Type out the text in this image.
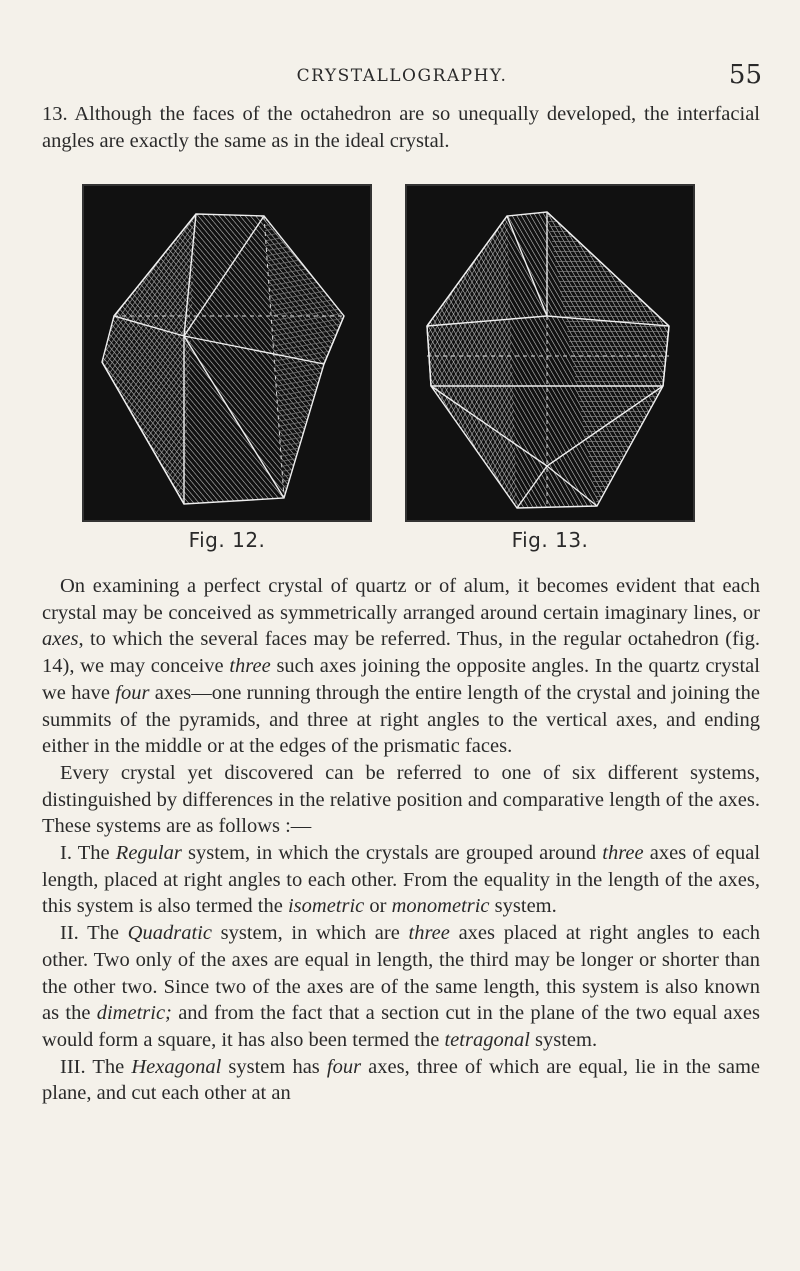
CRYSTALLOGRAPHY.	55

13. Although the faces of the octahedron are so unequally developed, the interfacial angles are exactly the same as in the ideal crystal.

Fig. 12.	Fig. 13.

On examining a perfect crystal of quartz or of alum, it becomes evident that each crystal may be conceived as symmetrically arranged around certain imaginary lines, or axes, to which the several faces may be referred. Thus, in the regular octahedron (fig. 14), we may conceive three such axes joining the opposite angles. In the quartz crystal we have four axes—one running through the entire length of the crystal and joining the summits of the pyramids, and three at right angles to the vertical axes, and ending either in the middle or at the edges of the prismatic faces.

Every crystal yet discovered can be referred to one of six different systems, distinguished by differences in the relative position and comparative length of the axes. These systems are as follows :—

I. The Regular system, in which the crystals are grouped around three axes of equal length, placed at right angles to each other. From the equality in the length of the axes, this system is also termed the isometric or monometric system.

II. The Quadratic system, in which are three axes placed at right angles to each other. Two only of the axes are equal in length, the third may be longer or shorter than the other two. Since two of the axes are of the same length, this system is also known as the dimetric; and from the fact that a section cut in the plane of the two equal axes would form a square, it has also been termed the tetragonal system.

III. The Hexagonal system has four axes, three of which are equal, lie in the same plane, and cut each other at an
